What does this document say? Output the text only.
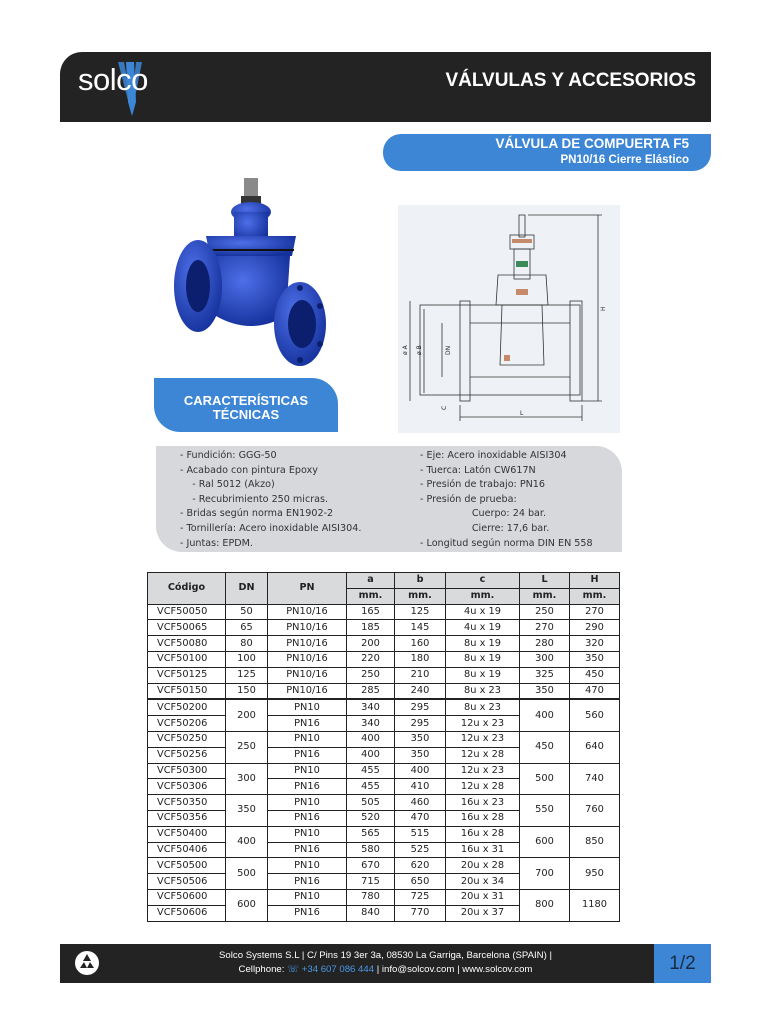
solco	VÁLVULAS Y ACCESORIOS
VÁLVULA DE COMPUERTA F5
PN10/16 Cierre Elástico
ø A ø B	DN
C
L
H
CARACTERÍSTICAS
TÉCNICAS
- Fundición: GGG-50
- Acabado con pintura Epoxy
- Ral 5012 (Akzo)
- Recubrimiento 250 micras.
- Bridas según norma EN1902-2
- Tornillería: Acero inoxidable AISI304.
- Juntas: EPDM.
- Eje: Acero inoxidable AISI304
- Tuerca: Latón CW617N
- Presión de trabajo: PN16
- Presión de prueba:
Cuerpo: 24 bar.
Cierre: 17,6 bar.
- Longitud según norma DIN EN 558
Código	DN	PN	a	b	c	L	H
			mm.	mm.	mm.	mm.	mm.
VCF50050	50	PN10/16	165	125	4u x 19	250	270
VCF50065	65	PN10/16	185	145	4u x 19	270	290
VCF50080	80	PN10/16	200	160	8u x 19	280	320
VCF50100	100	PN10/16	220	180	8u x 19	300	350
VCF50125	125	PN10/16	250	210	8u x 19	325	450
VCF50150	150	PN10/16	285	240	8u x 23	350	470
VCF50200	200	PN10	340	295	8u x 23	400	560
VCF50206		PN16	340	295	12u x 23		
VCF50250	250	PN10	400	350	12u x 23	450	640
VCF50256		PN16	400	350	12u x 28		
VCF50300	300	PN10	455	400	12u x 23	500	740
VCF50306		PN16	455	410	12u x 28		
VCF50350	350	PN10	505	460	16u x 23	550	760
VCF50356		PN16	520	470	16u x 28		
VCF50400	400	PN10	565	515	16u x 28	600	850
VCF50406		PN16	580	525	16u x 31		
VCF50500	500	PN10	670	620	20u x 28	700	950
VCF50506		PN16	715	650	20u x 34		
VCF50600	600	PN10	780	725	20u x 31	800	1180
VCF50606		PN16	840	770	20u x 37		
Solco Systems S.L | C/ Pins 19 3er 3a, 08530 La Garriga, Barcelona (SPAIN) |
Cellphone: ☏ +34 607 086 444 | info@solcov.com | www.solcov.com	1/2
